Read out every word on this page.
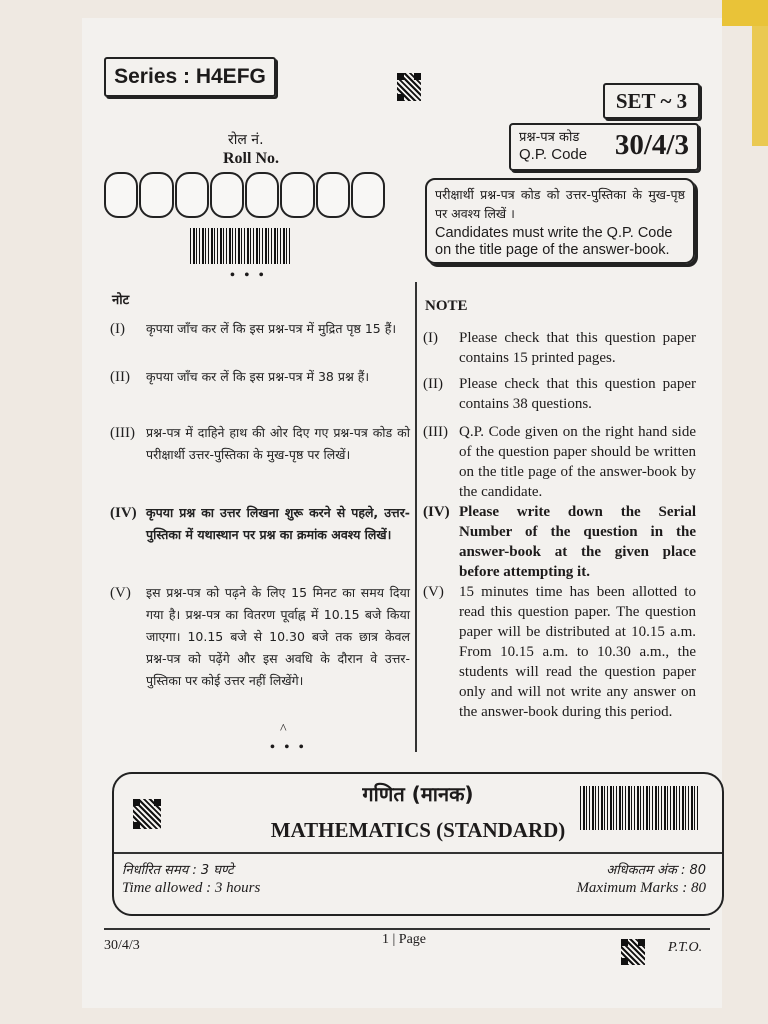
Series : H4EFG
SET ~ 3
प्रश्न-पत्र कोड
Q.P. Code 30/4/3
रोल नं.
Roll No.
• • •
परीक्षार्थी प्रश्न-पत्र कोड को उत्तर-पुस्तिका के मुख-पृष्ठ पर अवश्य लिखें ।
Candidates must write the Q.P. Code on the title page of the answer-book.
नोट
(I) कृपया जाँच कर लें कि इस प्रश्न-पत्र में मुद्रित पृष्ठ 15 हैं।
(II) कृपया जाँच कर लें कि इस प्रश्न-पत्र में 38 प्रश्न हैं।
(III) प्रश्न-पत्र में दाहिने हाथ की ओर दिए गए प्रश्न-पत्र कोड को परीक्षार्थी उत्तर-पुस्तिका के मुख-पृष्ठ पर लिखें।
(IV) कृपया प्रश्न का उत्तर लिखना शुरू करने से पहले, उत्तर-पुस्तिका में यथास्थान पर प्रश्न का क्रमांक अवश्य लिखें।
(V) इस प्रश्न-पत्र को पढ़ने के लिए 15 मिनट का समय दिया गया है। प्रश्न-पत्र का वितरण पूर्वाह्न में 10.15 बजे किया जाएगा। 10.15 बजे से 10.30 बजे तक छात्र केवल प्रश्न-पत्र को पढ़ेंगे और इस अवधि के दौरान वे उत्तर-पुस्तिका पर कोई उत्तर नहीं लिखेंगे।
^
• • •
NOTE
(I) Please check that this question paper contains 15 printed pages.
(II) Please check that this question paper contains 38 questions.
(III) Q.P. Code given on the right hand side of the question paper should be written on the title page of the answer-book by the candidate.
(IV) Please write down the Serial Number of the question in the answer-book at the given place before attempting it.
(V) 15 minutes time has been allotted to read this question paper. The question paper will be distributed at 10.15 a.m. From 10.15 a.m. to 10.30 a.m., the students will read the question paper only and will not write any answer on the answer-book during this period.
गणित (मानक)
MATHEMATICS (STANDARD)
निर्धारित समय : 3 घण्टे
Time allowed : 3 hours
अधिकतम अंक : 80
Maximum Marks : 80
30/4/3	1 | Page
P.T.O.
